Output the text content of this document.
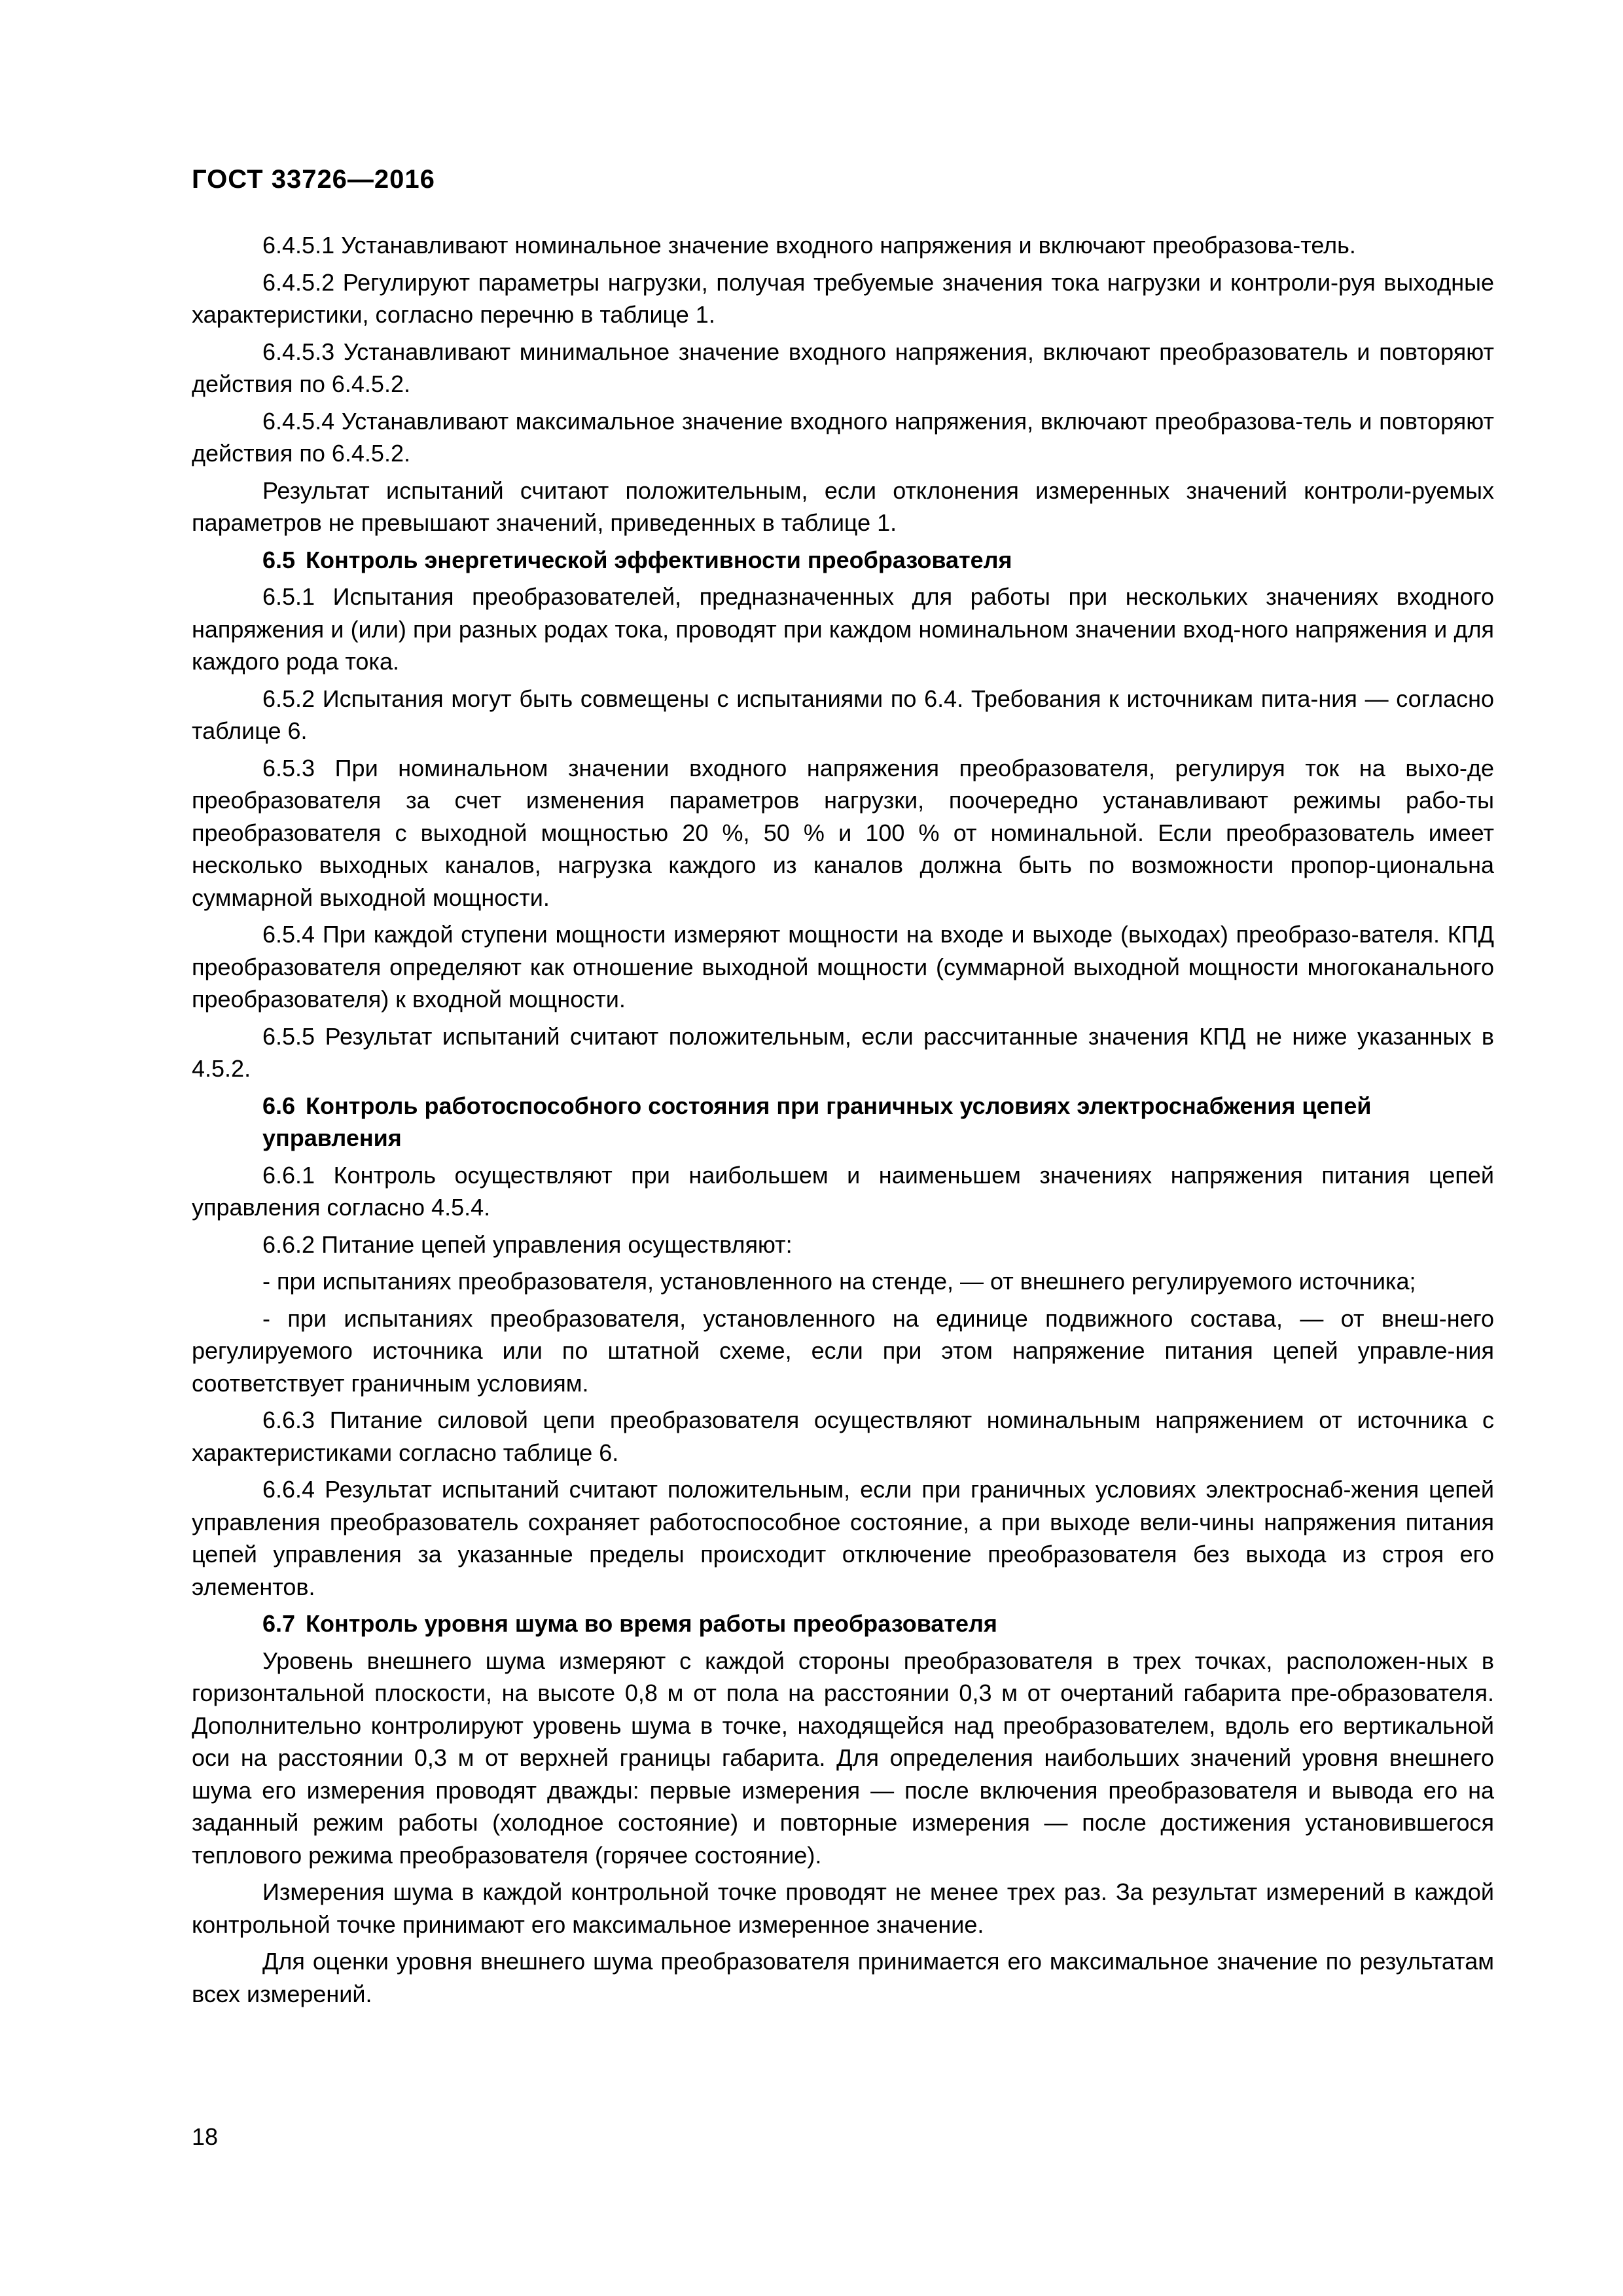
ГОСТ 33726—2016

6.4.5.1 Устанавливают номинальное значение входного напряжения и включают преобразова-тель.

6.4.5.2 Регулируют параметры нагрузки, получая требуемые значения тока нагрузки и контроли-руя выходные характеристики, согласно перечню в таблице 1.

6.4.5.3 Устанавливают минимальное значение входного напряжения, включают преобразователь и повторяют действия по 6.4.5.2.

6.4.5.4 Устанавливают максимальное значение входного напряжения, включают преобразова-тель и повторяют действия по 6.4.5.2.

Результат испытаний считают положительным, если отклонения измеренных значений контроли-руемых параметров не превышают значений, приведенных в таблице 1.

6.5 Контроль энергетической эффективности преобразователя

6.5.1 Испытания преобразователей, предназначенных для работы при нескольких значениях входного напряжения и (или) при разных родах тока, проводят при каждом номинальном значении вход-ного напряжения и для каждого рода тока.

6.5.2 Испытания могут быть совмещены с испытаниями по 6.4. Требования к источникам пита-ния — согласно таблице 6.

6.5.3 При номинальном значении входного напряжения преобразователя, регулируя ток на выхо-де преобразователя за счет изменения параметров нагрузки, поочередно устанавливают режимы рабо-ты преобразователя с выходной мощностью 20 %, 50 % и 100 % от номинальной. Если преобразователь имеет несколько выходных каналов, нагрузка каждого из каналов должна быть по возможности пропор-циональна суммарной выходной мощности.

6.5.4 При каждой ступени мощности измеряют мощности на входе и выходе (выходах) преобразо-вателя. КПД преобразователя определяют как отношение выходной мощности (суммарной выходной мощности многоканального преобразователя) к входной мощности.

6.5.5 Результат испытаний считают положительным, если рассчитанные значения КПД не ниже указанных в 4.5.2.

6.6 Контроль работоспособного состояния при граничных условиях электроснабжения цепей управления

6.6.1 Контроль осуществляют при наибольшем и наименьшем значениях напряжения питания цепей управления согласно 4.5.4.

6.6.2 Питание цепей управления осуществляют:

- при испытаниях преобразователя, установленного на стенде, — от внешнего регулируемого источника;

- при испытаниях преобразователя, установленного на единице подвижного состава, — от внеш-него регулируемого источника или по штатной схеме, если при этом напряжение питания цепей управле-ния соответствует граничным условиям.

6.6.3 Питание силовой цепи преобразователя осуществляют номинальным напряжением от источника с характеристиками согласно таблице 6.

6.6.4 Результат испытаний считают положительным, если при граничных условиях электроснаб-жения цепей управления преобразователь сохраняет работоспособное состояние, а при выходе вели-чины напряжения питания цепей управления за указанные пределы происходит отключение преобразователя без выхода из строя его элементов.

6.7 Контроль уровня шума во время работы преобразователя

Уровень внешнего шума измеряют с каждой стороны преобразователя в трех точках, расположен-ных в горизонтальной плоскости, на высоте 0,8 м от пола на расстоянии 0,3 м от очертаний габарита пре-образователя. Дополнительно контролируют уровень шума в точке, находящейся над преобразователем, вдоль его вертикальной оси на расстоянии 0,3 м от верхней границы габарита. Для определения наибольших значений уровня внешнего шума его измерения проводят дважды: первые измерения — после включения преобразователя и вывода его на заданный режим работы (холодное состояние) и повторные измерения — после достижения установившегося теплового режима преобразователя (горячее состояние).

Измерения шума в каждой контрольной точке проводят не менее трех раз. За результат измерений в каждой контрольной точке принимают его максимальное измеренное значение.

Для оценки уровня внешнего шума преобразователя принимается его максимальное значение по результатам всех измерений.

18
